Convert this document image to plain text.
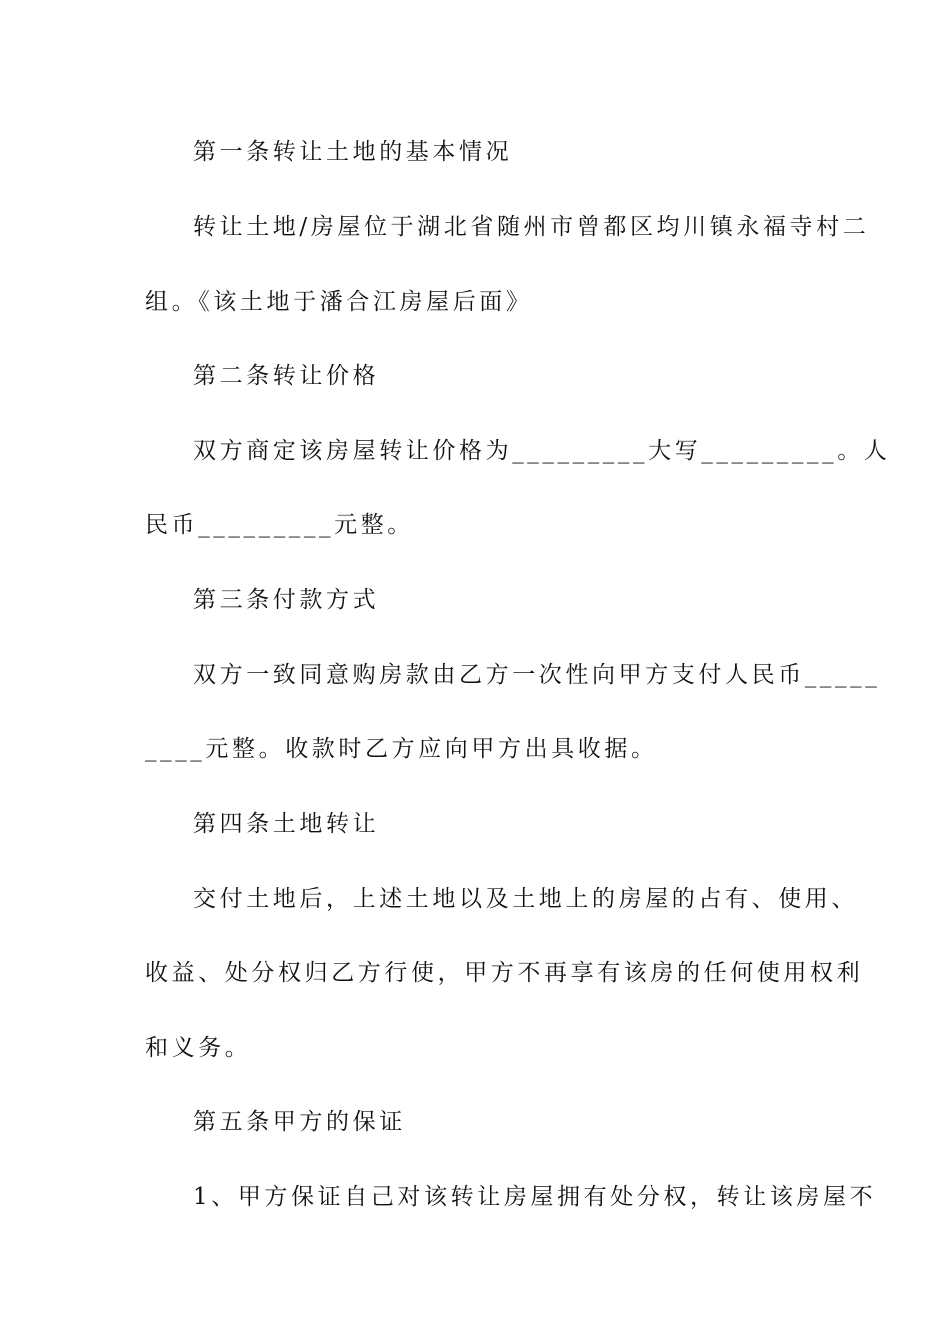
第一条转让土地的基本情况
转让土地/房屋位于湖北省随州市曾都区均川镇永福寺村二
组。《该土地于潘合江房屋后面》
第二条转让价格
双方商定该房屋转让价格为_________大写_________。人
民币_________元整。
第三条付款方式
双方一致同意购房款由乙方一次性向甲方支付人民币_____
____元整。收款时乙方应向甲方出具收据。
第四条土地转让
交付土地后，上述土地以及土地上的房屋的占有、使用、
收益、处分权归乙方行使，甲方不再享有该房的任何使用权利
和义务。
第五条甲方的保证
1、甲方保证自己对该转让房屋拥有处分权，转让该房屋不
